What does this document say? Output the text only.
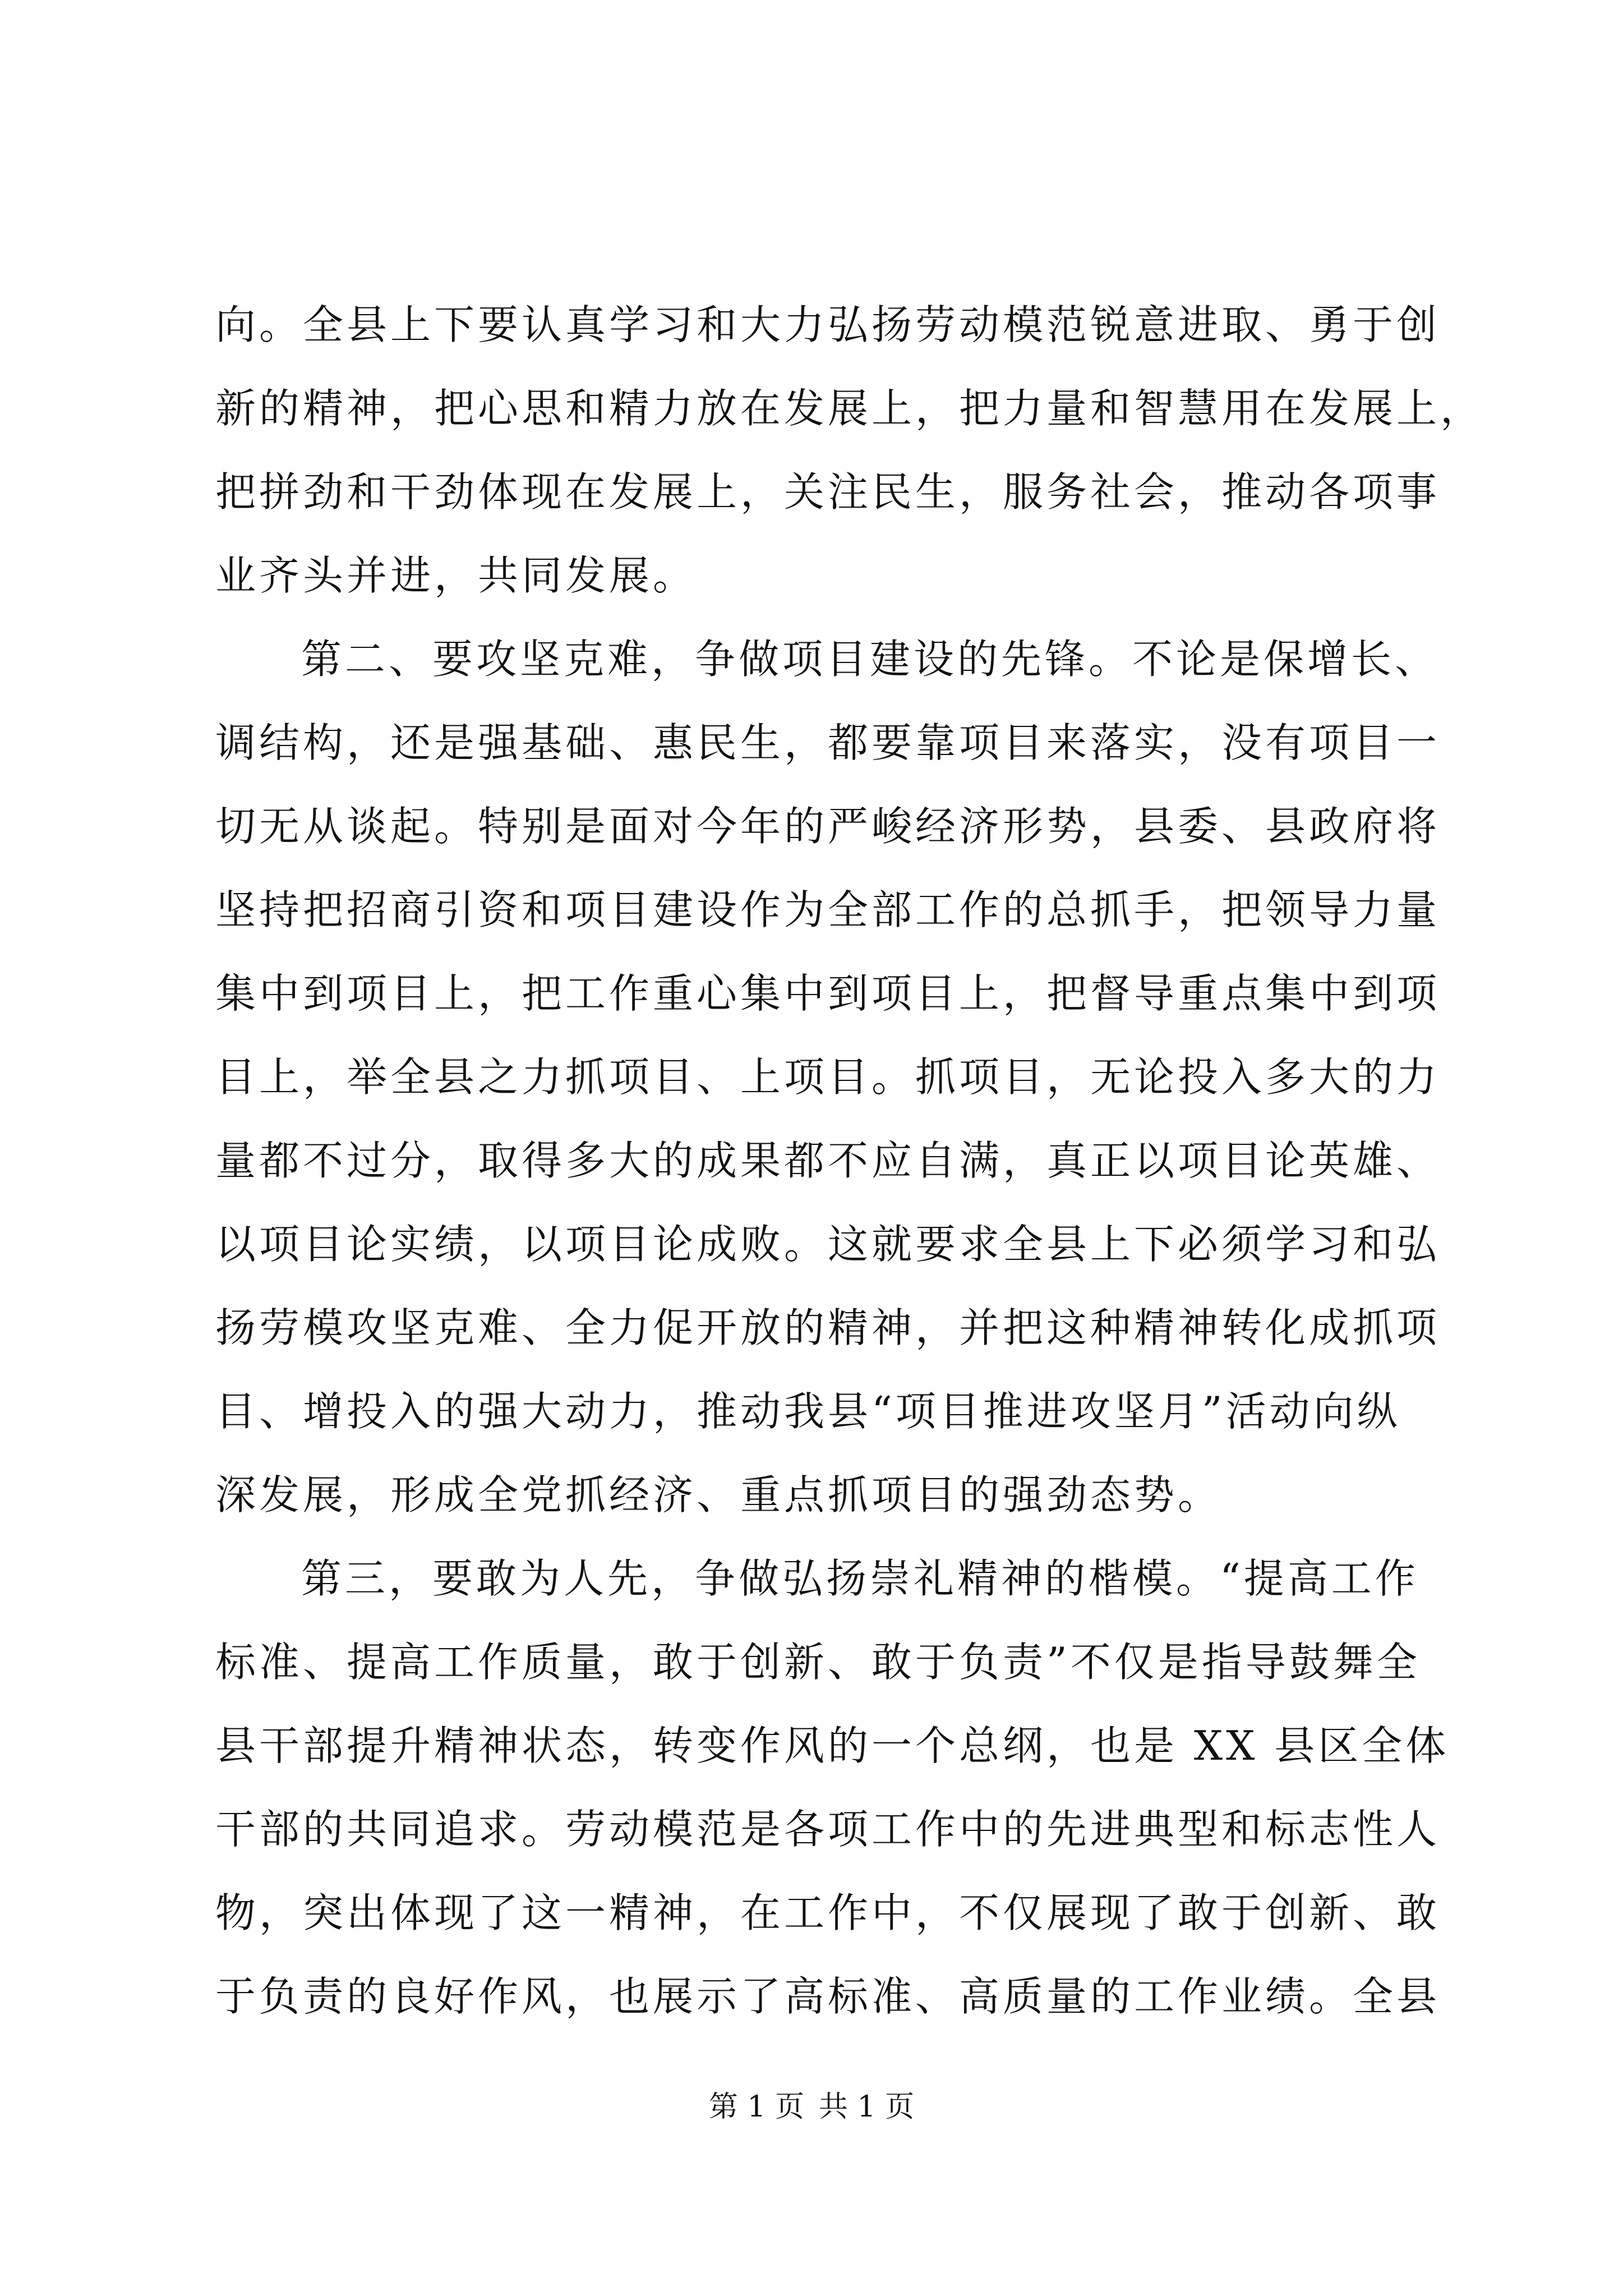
向。全县上下要认真学习和大力弘扬劳动模范锐意进取、勇于创
新的精神，把心思和精力放在发展上，把力量和智慧用在发展上，
把拼劲和干劲体现在发展上，关注民生，服务社会，推动各项事
业齐头并进，共同发展。
第二、要攻坚克难，争做项目建设的先锋。不论是保增长、
调结构，还是强基础、惠民生，都要靠项目来落实，没有项目一
切无从谈起。特别是面对今年的严峻经济形势，县委、县政府将
坚持把招商引资和项目建设作为全部工作的总抓手，把领导力量
集中到项目上，把工作重心集中到项目上，把督导重点集中到项
目上，举全县之力抓项目、上项目。抓项目，无论投入多大的力
量都不过分，取得多大的成果都不应自满，真正以项目论英雄、
以项目论实绩，以项目论成败。这就要求全县上下必须学习和弘
扬劳模攻坚克难、全力促开放的精神，并把这种精神转化成抓项
目、增投入的强大动力，推动我县“项目推进攻坚月”活动向纵
深发展，形成全党抓经济、重点抓项目的强劲态势。
第三，要敢为人先，争做弘扬崇礼精神的楷模。“提高工作
标准、提高工作质量，敢于创新、敢于负责”不仅是指导鼓舞全
县干部提升精神状态，转变作风的一个总纲，也是 XX 县区全体
干部的共同追求。劳动模范是各项工作中的先进典型和标志性人
物，突出体现了这一精神，在工作中，不仅展现了敢于创新、敢
于负责的良好作风，也展示了高标准、高质量的工作业绩。全县
第 1 页 共 1 页
